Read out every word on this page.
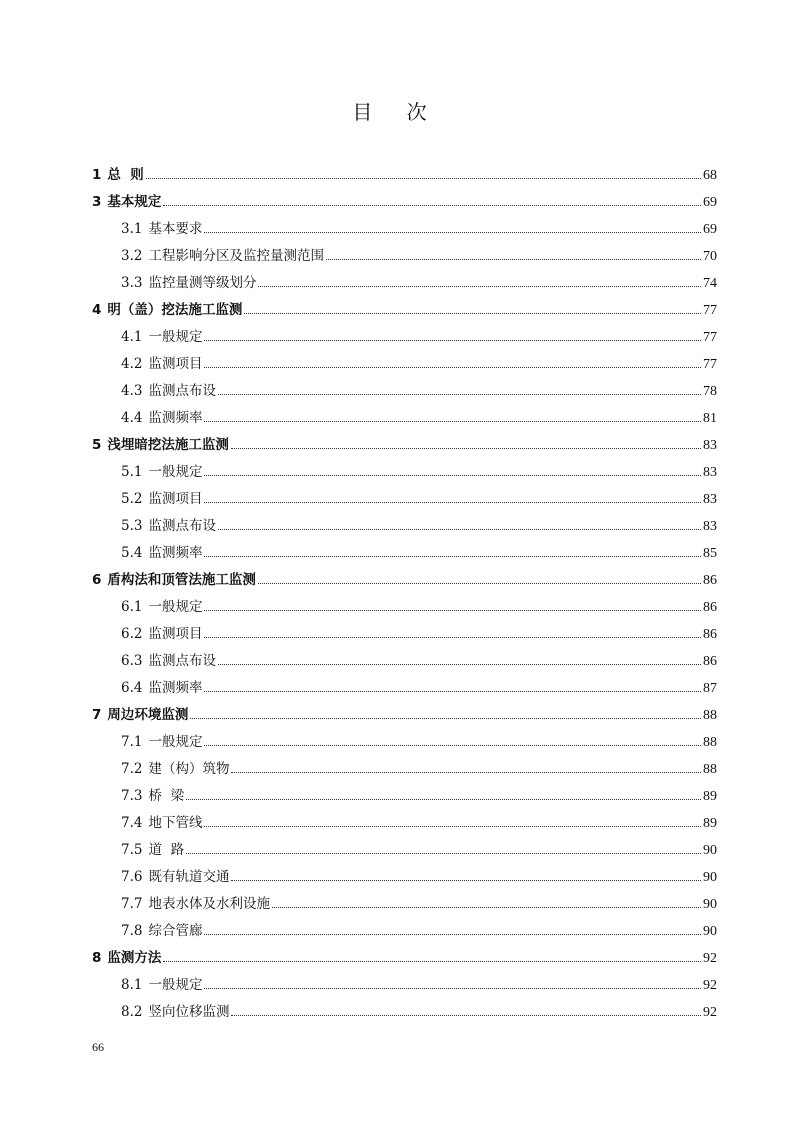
目 次
1 总  则	68
3 基本规定	69
3.1 基本要求	69
3.2 工程影响分区及监控量测范围	70
3.3 监控量测等级划分	74
4 明（盖）挖法施工监测	77
4.1 一般规定	77
4.2 监测项目	77
4.3 监测点布设	78
4.4 监测频率	81
5 浅埋暗挖法施工监测	83
5.1 一般规定	83
5.2 监测项目	83
5.3 监测点布设	83
5.4 监测频率	85
6 盾构法和顶管法施工监测	86
6.1 一般规定	86
6.2 监测项目	86
6.3 监测点布设	86
6.4 监测频率	87
7 周边环境监测	88
7.1 一般规定	88
7.2 建（构）筑物	88
7.3 桥  梁	89
7.4 地下管线	89
7.5 道  路	90
7.6 既有轨道交通	90
7.7 地表水体及水利设施	90
7.8 综合管廊	90
8 监测方法	92
8.1 一般规定	92
8.2 竖向位移监测	92
66
